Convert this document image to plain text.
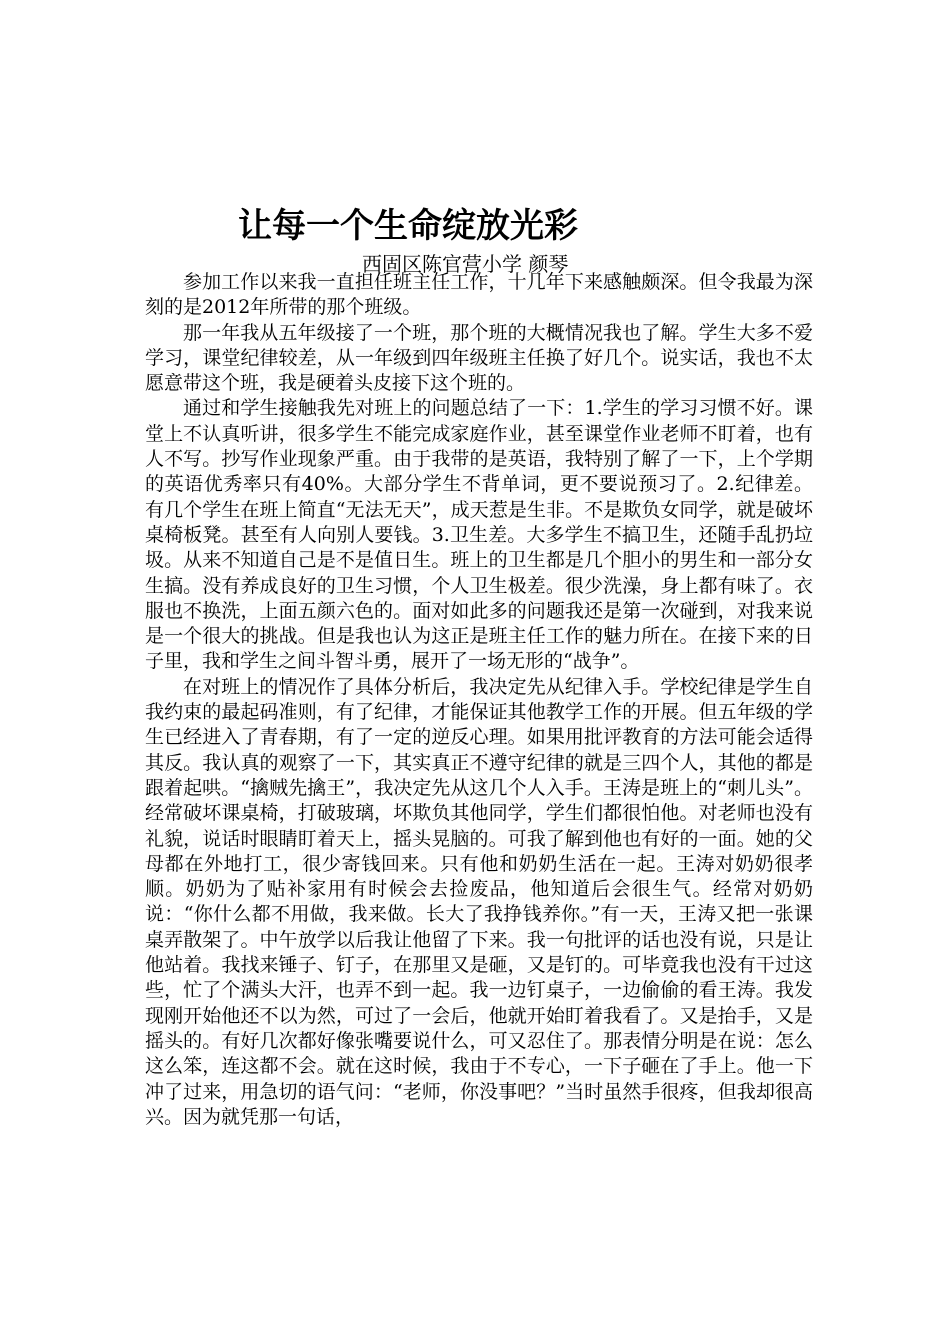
让每一个生命绽放光彩
西固区陈官营小学 颜琴

参加工作以来我一直担任班主任工作，十几年下来感触颇深。但令我最为深刻的是2012年所带的那个班级。

那一年我从五年级接了一个班，那个班的大概情况我也了解。学生大多不爱学习，课堂纪律较差，从一年级到四年级班主任换了好几个。说实话，我也不太愿意带这个班，我是硬着头皮接下这个班的。

通过和学生接触我先对班上的问题总结了一下：1.学生的学习习惯不好。课堂上不认真听讲，很多学生不能完成家庭作业，甚至课堂作业老师不盯着，也有人不写。抄写作业现象严重。由于我带的是英语，我特别了解了一下，上个学期的英语优秀率只有40%。大部分学生不背单词，更不要说预习了。2.纪律差。有几个学生在班上简直“无法无天”，成天惹是生非。不是欺负女同学，就是破坏桌椅板凳。甚至有人向别人要钱。3.卫生差。大多学生不搞卫生，还随手乱扔垃圾。从来不知道自己是不是值日生。班上的卫生都是几个胆小的男生和一部分女生搞。没有养成良好的卫生习惯，个人卫生极差。很少洗澡，身上都有味了。衣服也不换洗，上面五颜六色的。面对如此多的问题我还是第一次碰到，对我来说是一个很大的挑战。但是我也认为这正是班主任工作的魅力所在。在接下来的日子里，我和学生之间斗智斗勇，展开了一场无形的“战争”。

在对班上的情况作了具体分析后，我决定先从纪律入手。学校纪律是学生自我约束的最起码准则，有了纪律，才能保证其他教学工作的开展。但五年级的学生已经进入了青春期，有了一定的逆反心理。如果用批评教育的方法可能会适得其反。我认真的观察了一下，其实真正不遵守纪律的就是三四个人，其他的都是跟着起哄。“擒贼先擒王”，我决定先从这几个人入手。王涛是班上的“刺儿头”。经常破坏课桌椅，打破玻璃，坏欺负其他同学，学生们都很怕他。对老师也没有礼貌，说话时眼睛盯着天上，摇头晃脑的。可我了解到他也有好的一面。她的父母都在外地打工，很少寄钱回来。只有他和奶奶生活在一起。王涛对奶奶很孝顺。奶奶为了贴补家用有时候会去捡废品，他知道后会很生气。经常对奶奶说：“你什么都不用做，我来做。长大了我挣钱养你。”有一天，王涛又把一张课桌弄散架了。中午放学以后我让他留了下来。我一句批评的话也没有说，只是让他站着。我找来锤子、钉子，在那里又是砸，又是钉的。可毕竟我也没有干过这些，忙了个满头大汗，也弄不到一起。我一边钉桌子，一边偷偷的看王涛。我发现刚开始他还不以为然，可过了一会后，他就开始盯着我看了。又是抬手，又是摇头的。有好几次都好像张嘴要说什么，可又忍住了。那表情分明是在说：怎么这么笨，连这都不会。就在这时候，我由于不专心，一下子砸在了手上。他一下冲了过来，用急切的语气问：“老师，你没事吧？”当时虽然手很疼，但我却很高兴。因为就凭那一句话，
